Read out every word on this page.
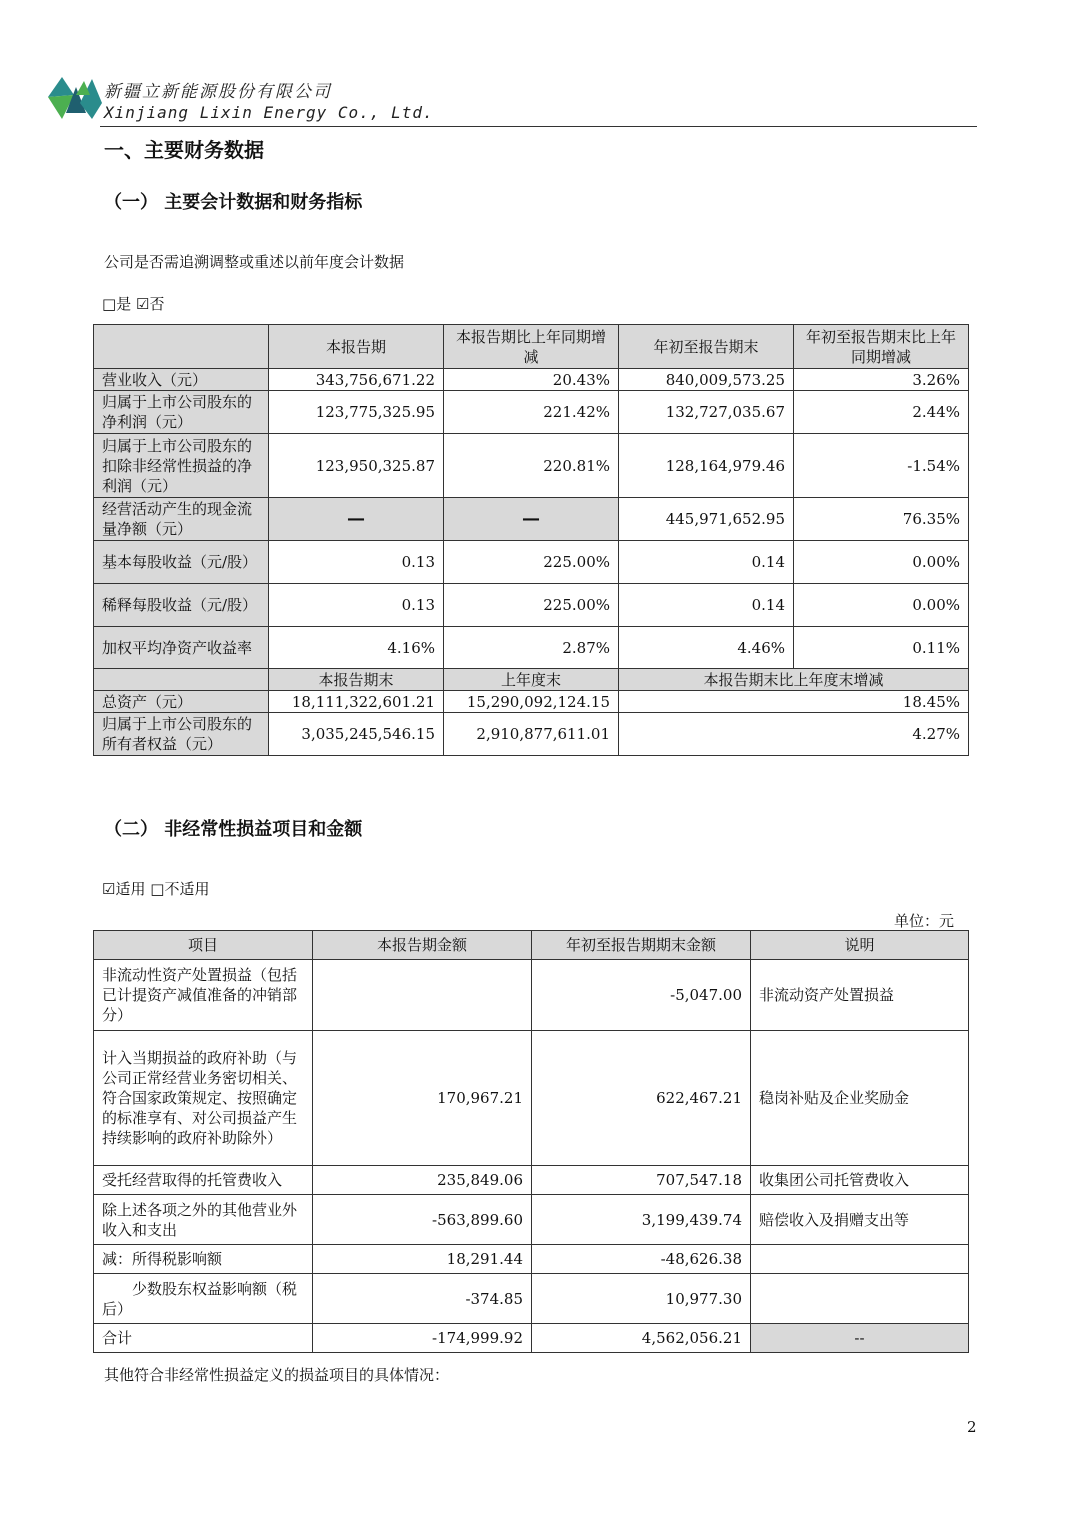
新疆立新能源股份有限公司
Xinjiang Lixin Energy Co., Ltd.
一、主要财务数据
（一） 主要会计数据和财务指标
公司是否需追溯调整或重述以前年度会计数据
□是 ☑否
	本报告期	本报告期比上年同期增减	年初至报告期末	年初至报告期末比上年同期增减
营业收入（元）	343,756,671.22	20.43%	840,009,573.25	3.26%
归属于上市公司股东的净利润（元）	123,775,325.95	221.42%	132,727,035.67	2.44%
归属于上市公司股东的扣除非经常性损益的净利润（元）	123,950,325.87	220.81%	128,164,979.46	-1.54%
经营活动产生的现金流量净额（元）	—	—	445,971,652.95	76.35%
基本每股收益（元/股）	0.13	225.00%	0.14	0.00%
稀释每股收益（元/股）	0.13	225.00%	0.14	0.00%
加权平均净资产收益率	4.16%	2.87%	4.46%	0.11%
	本报告期末	上年度末	本报告期末比上年度末增减	
总资产（元）	18,111,322,601.21	15,290,092,124.15	18.45%	
归属于上市公司股东的所有者权益（元）	3,035,245,546.15	2,910,877,611.01	4.27%	
（二） 非经常性损益项目和金额
☑适用 □不适用
单位：元
项目	本报告期金额	年初至报告期期末金额	说明
非流动性资产处置损益（包括已计提资产减值准备的冲销部分）		-5,047.00	非流动资产处置损益
计入当期损益的政府补助（与公司正常经营业务密切相关、符合国家政策规定、按照确定的标准享有、对公司损益产生持续影响的政府补助除外）	170,967.21	622,467.21	稳岗补贴及企业奖励金
受托经营取得的托管费收入	235,849.06	707,547.18	收集团公司托管费收入
除上述各项之外的其他营业外收入和支出	-563,899.60	3,199,439.74	赔偿收入及捐赠支出等
减：所得税影响额	18,291.44	-48,626.38	
少数股东权益影响额（税后）	-374.85	10,977.30	
合计	-174,999.92	4,562,056.21	--
其他符合非经常性损益定义的损益项目的具体情况：
2
